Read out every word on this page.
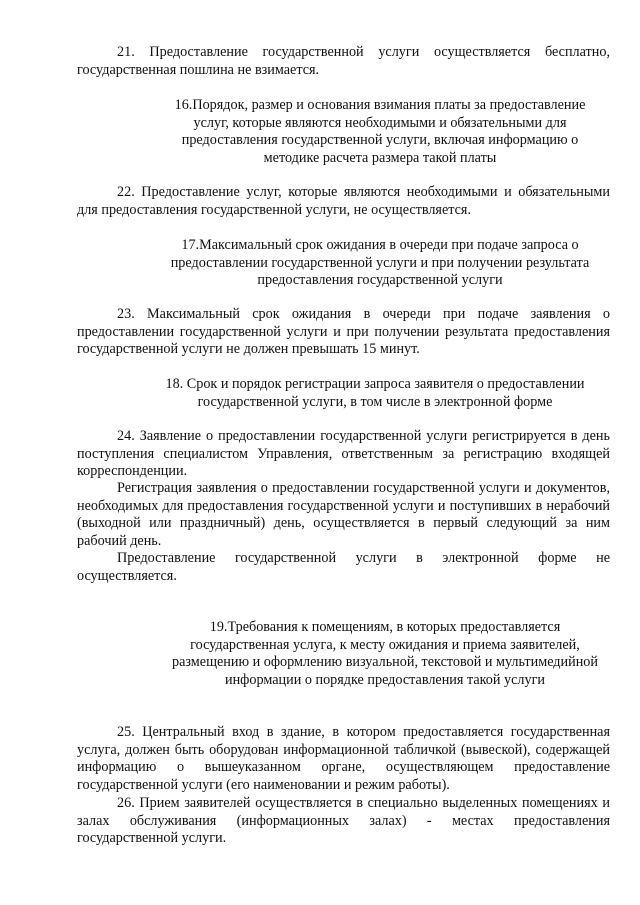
21. Предоставление государственной услуги осуществляется бесплатно, государственная пошлина не взимается.

16.Порядок, размер и основания взимания платы за предоставление услуг, которые являются необходимыми и обязательными для предоставления государственной услуги, включая информацию о методике расчета размера такой платы

22. Предоставление услуг, которые являются необходимыми и обязательными для предоставления государственной услуги, не осуществляется.

17.Максимальный срок ожидания в очереди при подаче запроса о предоставлении государственной услуги и при получении результата предоставления государственной услуги

23. Максимальный срок ожидания в очереди при подаче заявления о предоставлении государственной услуги и при получении результата предоставления государственной услуги не должен превышать 15 минут.

18. Срок и порядок регистрации запроса заявителя о предоставлении государственной услуги, в том числе в электронной форме

24. Заявление о предоставлении государственной услуги регистрируется в день поступления специалистом Управления, ответственным за регистрацию входящей корреспонденции.

Регистрация заявления о предоставлении государственной услуги и документов, необходимых для предоставления государственной услуги и поступивших в нерабочий (выходной или праздничный) день, осуществляется в первый следующий за ним рабочий день.

Предоставление государственной услуги в электронной форме не осуществляется.

19.Требования к помещениям, в которых предоставляется государственная услуга, к месту ожидания и приема заявителей, размещению и оформлению визуальной, текстовой и мультимедийной информации о порядке предоставления такой услуги

25. Центральный вход в здание, в котором предоставляется государственная услуга, должен быть оборудован информационной табличкой (вывеской), содержащей информацию о вышеуказанном органе, осуществляющем предоставление государственной услуги (его наименовании и режим работы).

26. Прием заявителей осуществляется в специально выделенных помещениях и залах обслуживания (информационных залах) - местах предоставления государственной услуги.
